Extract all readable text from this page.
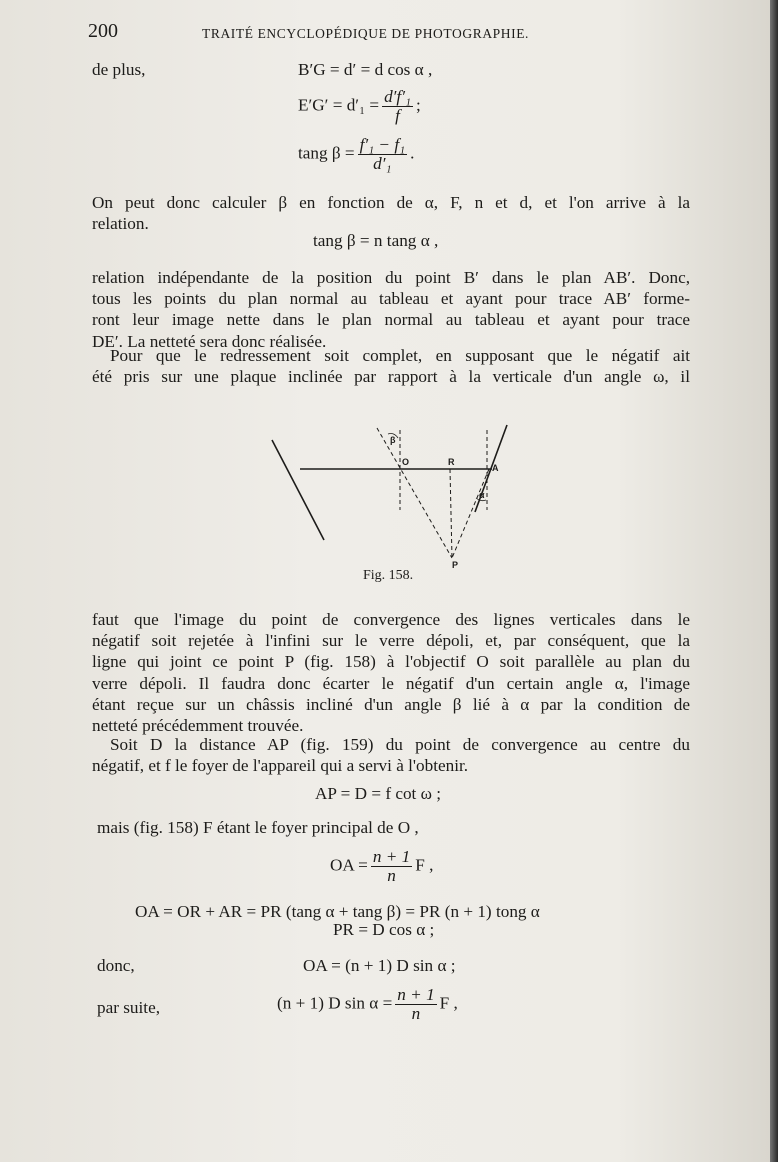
200	TRAITÉ ENCYCLOPÉDIQUE DE PHOTOGRAPHIE.
de plus,	B′G = d′ = d cos α ,
$E'G' = d'_1 = \frac{\text{d′f′₁}}{f}$ ;
tang $\beta = \frac{\text{f′₁ − f₁}}{\text{d′₁}}$ .
On peut donc calculer β en fonction de α, F, n et d, et l'on arrive à la
relation.
tang β = n tang α ,
relation indépendante de la position du point B′ dans le plan AB′. Donc,
tous les points du plan normal au tableau et ayant pour trace AB′ forme-
ront leur image nette dans le plan normal au tableau et ayant pour trace
DE′. La netteté sera donc réalisée.
Pour que le redressement soit complet, en supposant que le négatif ait
été pris sur une plaque inclinée par rapport à la verticale d'un angle ω, il
β
O	R
A
α
P
Fig. 158.
faut que l'image du point de convergence des lignes verticales dans le
négatif soit rejetée à l'infini sur le verre dépoli, et, par conséquent, que la
ligne qui joint ce point P (fig. 158) à l'objectif O soit parallèle au plan du
verre dépoli. Il faudra donc écarter le négatif d'un certain angle α, l'image
étant reçue sur un châssis incliné d'un angle β lié à α par la condition de
netteté précédemment trouvée.
Soit D la distance AP (fig. 159) du point de convergence au centre du
négatif, et f le foyer de l'appareil qui a servi à l'obtenir.
AP = D = f cot ω ;
mais (fig. 158) F étant le foyer principal de O ,
OA = $\frac{n + 1}{n}$ F ,
OA = OR + AR = PR (tang α + tang β) = PR (n + 1) tong α
PR = D cos α ;
donc,	OA = (n + 1) D sin α ;
par suite,	(n + 1) D $\sin \alpha = \frac{n + 1}{n}$ F ,
